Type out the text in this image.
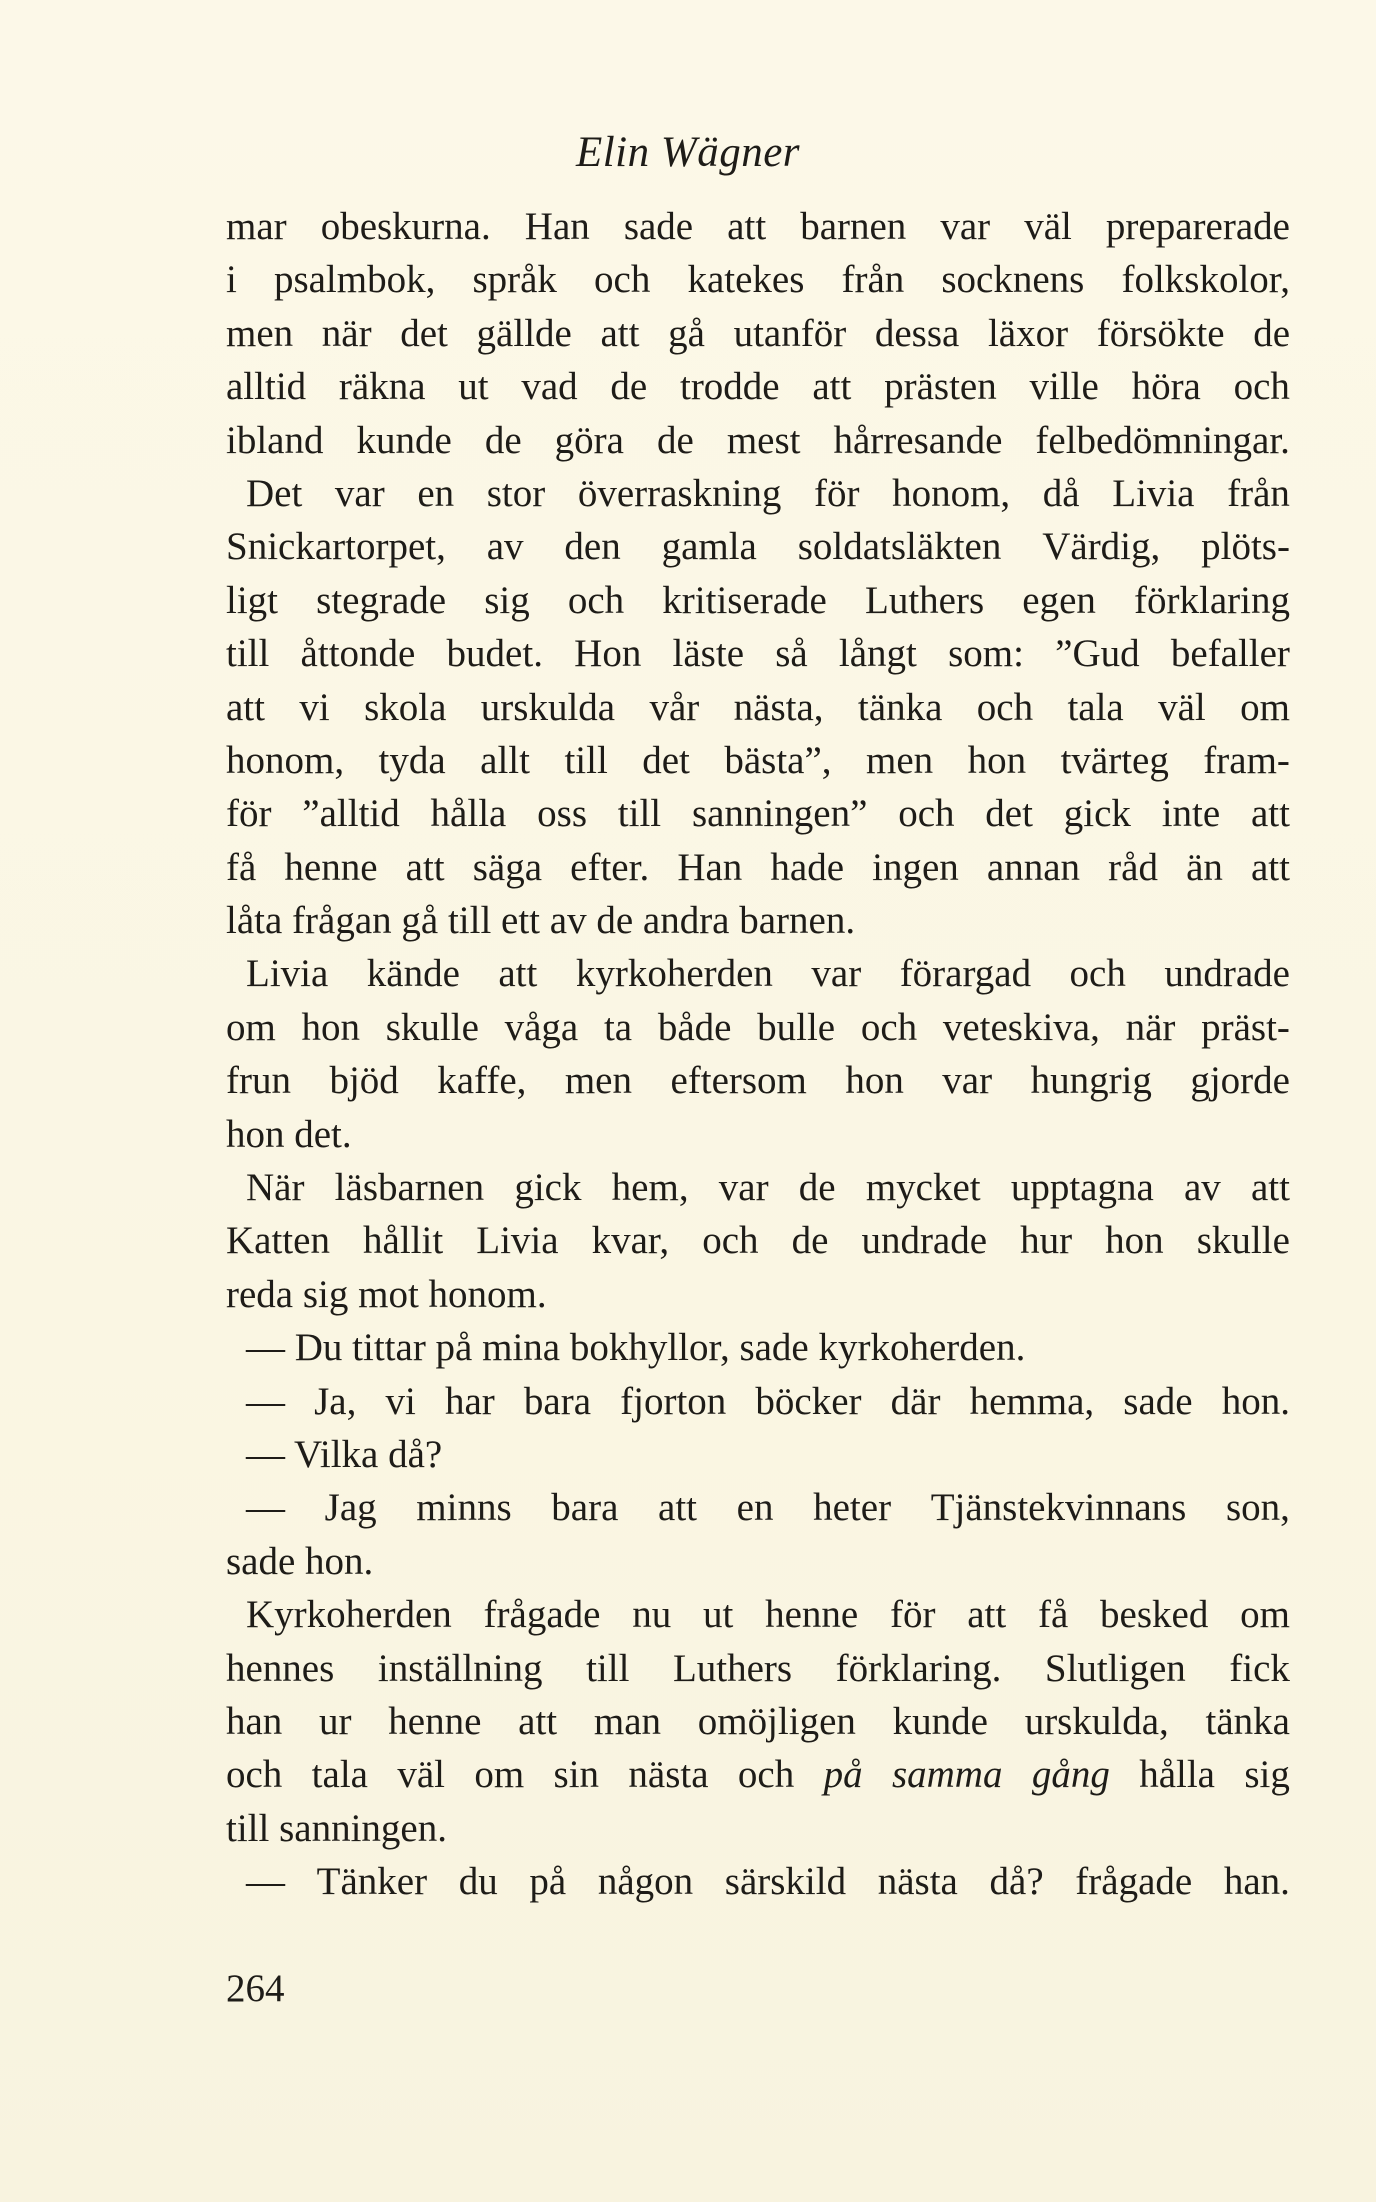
Elin Wägner
mar obeskurna. Han sade att barnen var väl preparerade
i psalmbok, språk och katekes från socknens folkskolor,
men när det gällde att gå utanför dessa läxor försökte de
alltid räkna ut vad de trodde att prästen ville höra och
ibland kunde de göra de mest hårresande felbedömningar.
Det var en stor överraskning för honom, då Livia från
Snickartorpet, av den gamla soldatsläkten Värdig, plöts-
ligt stegrade sig och kritiserade Luthers egen förklaring
till åttonde budet. Hon läste så långt som: ”Gud befaller
att vi skola urskulda vår nästa, tänka och tala väl om
honom, tyda allt till det bästa”, men hon tvärteg fram-
för ”alltid hålla oss till sanningen” och det gick inte att
få henne att säga efter. Han hade ingen annan råd än att
låta frågan gå till ett av de andra barnen.
Livia kände att kyrkoherden var förargad och undrade
om hon skulle våga ta både bulle och veteskiva, när präst-
frun bjöd kaffe, men eftersom hon var hungrig gjorde
hon det.
När läsbarnen gick hem, var de mycket upptagna av att
Katten hållit Livia kvar, och de undrade hur hon skulle
reda sig mot honom.
— Du tittar på mina bokhyllor, sade kyrkoherden.
— Ja, vi har bara fjorton böcker där hemma, sade hon.
— Vilka då?
— Jag minns bara att en heter Tjänstekvinnans son,
sade hon.
Kyrkoherden frågade nu ut henne för att få besked om
hennes inställning till Luthers förklaring. Slutligen fick
han ur henne att man omöjligen kunde urskulda, tänka
och tala väl om sin nästa och på samma gång hålla sig
till sanningen.
— Tänker du på någon särskild nästa då? frågade han.
264
